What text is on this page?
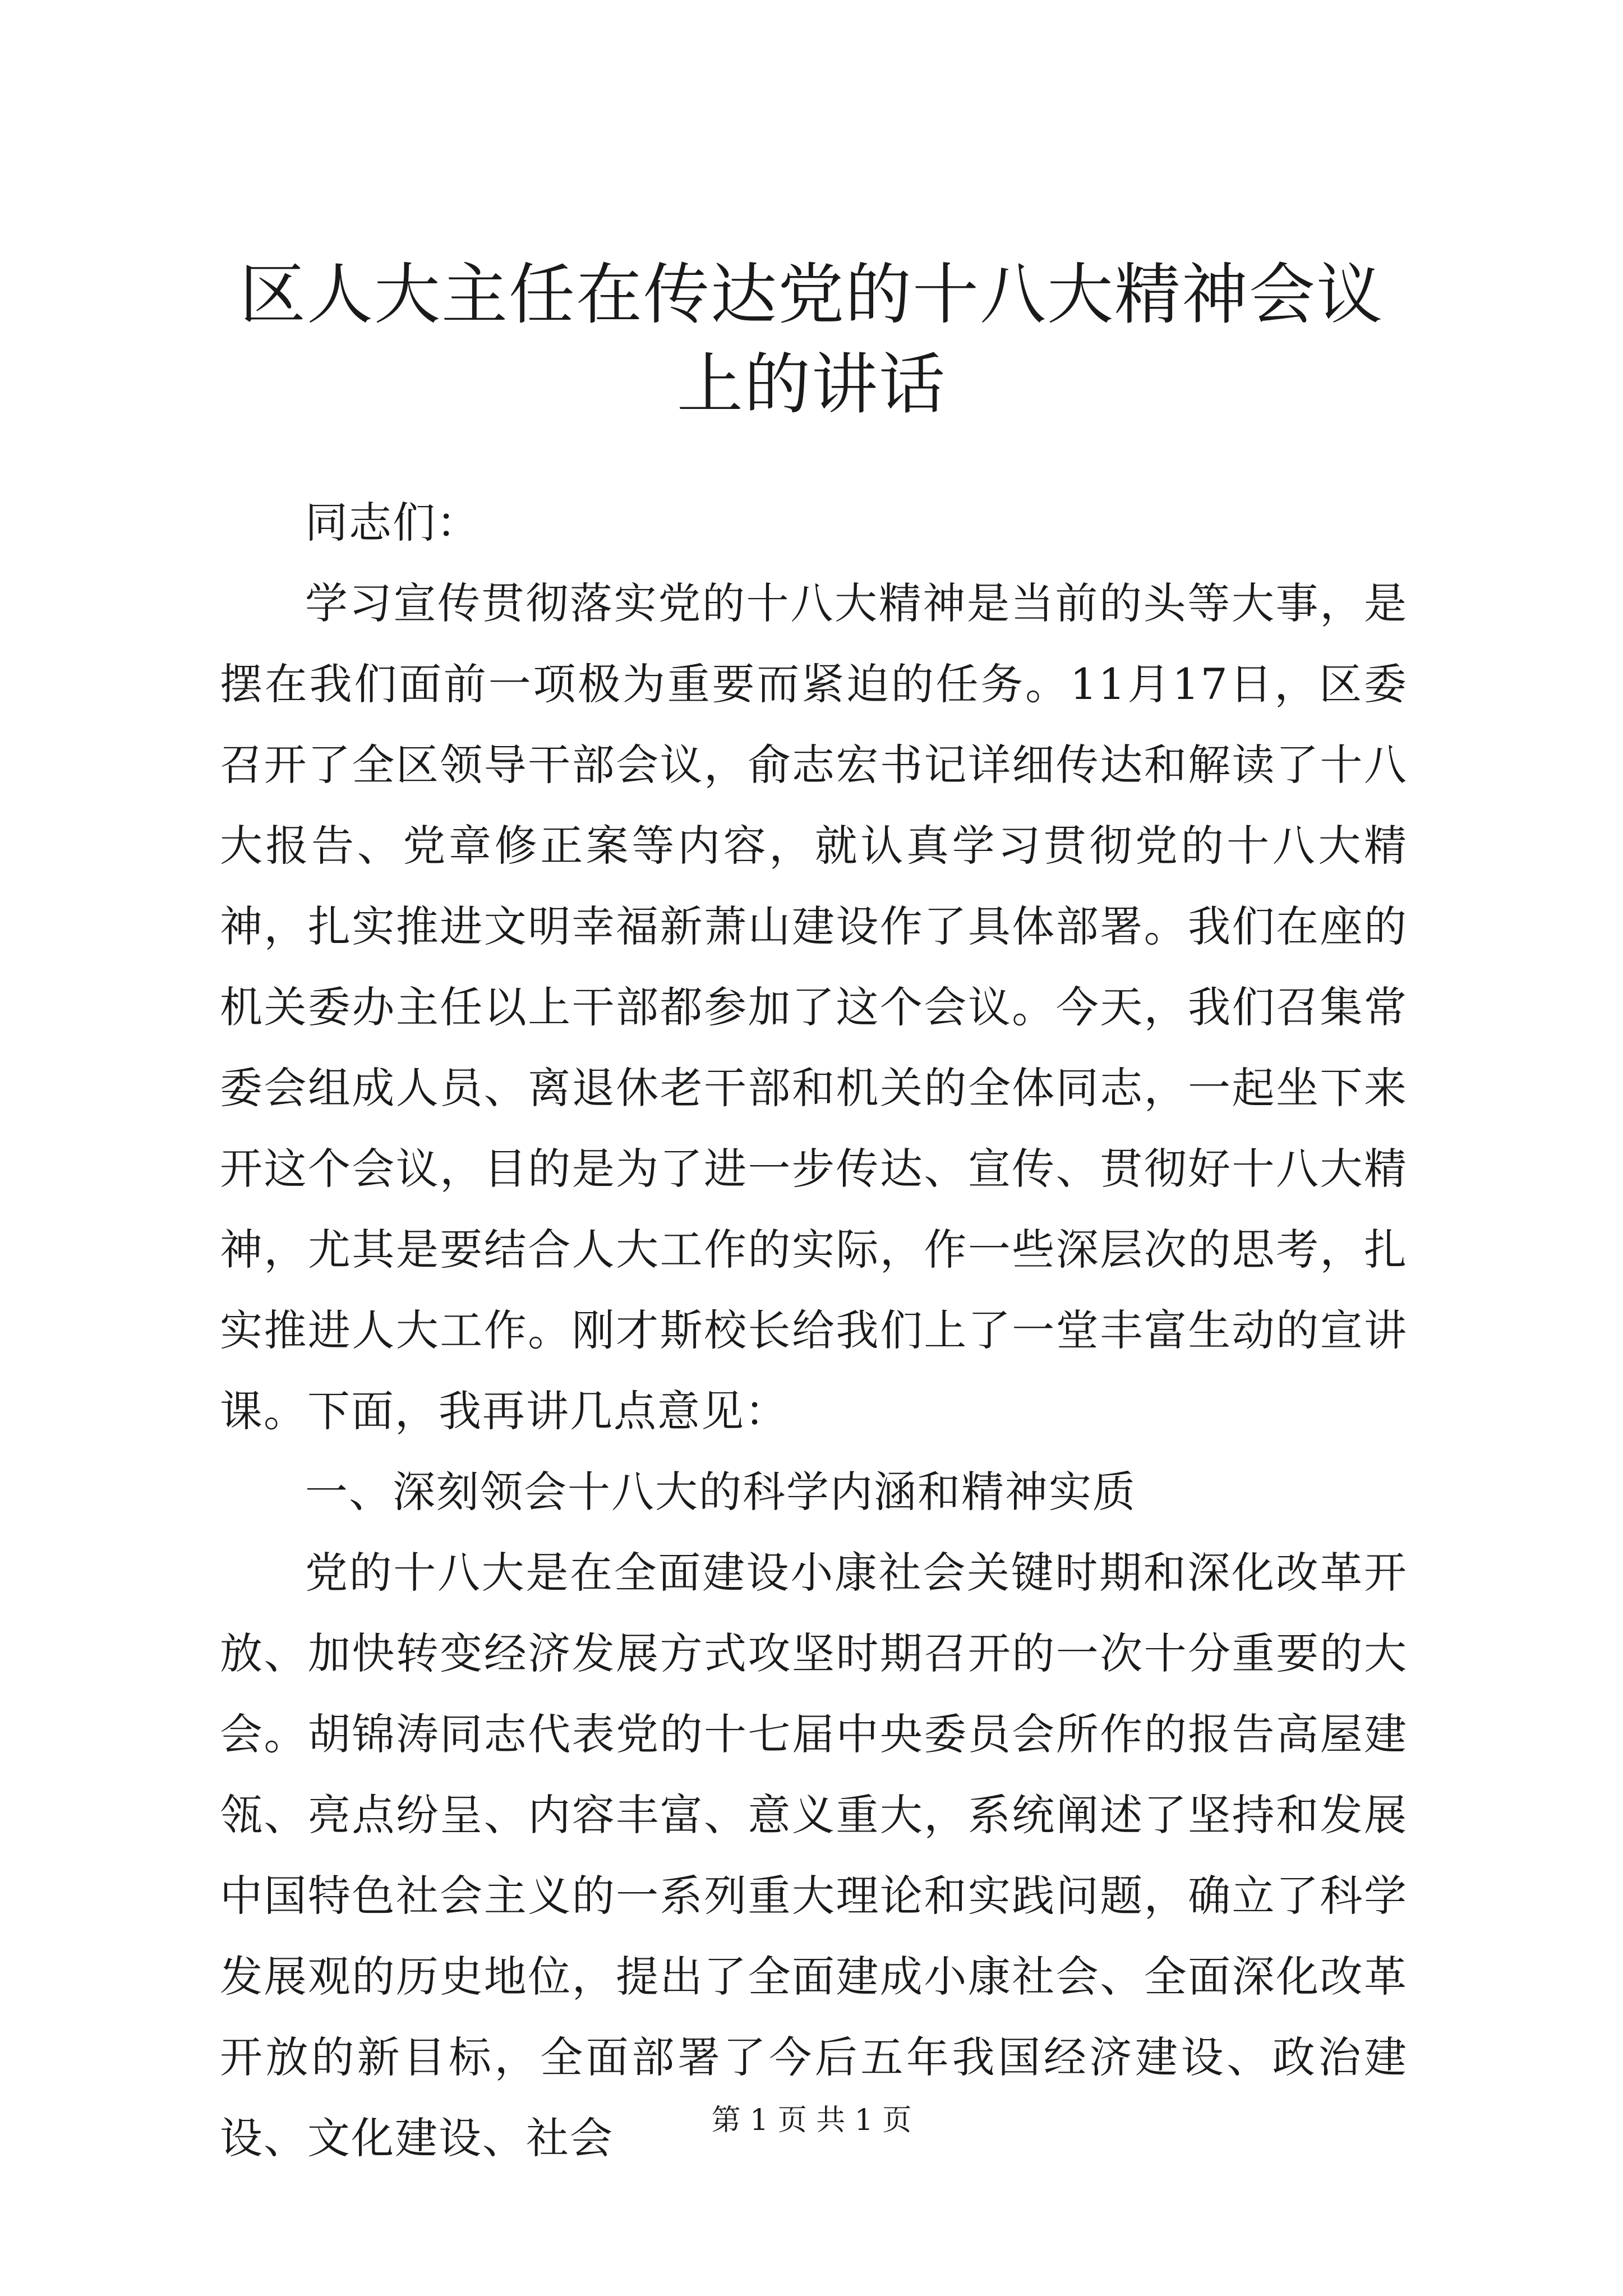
区人大主任在传达党的十八大精神会议上的讲话

同志们：

学习宣传贯彻落实党的十八大精神是当前的头等大事，是摆在我们面前一项极为重要而紧迫的任务。11月17日，区委召开了全区领导干部会议，俞志宏书记详细传达和解读了十八大报告、党章修正案等内容，就认真学习贯彻党的十八大精神，扎实推进文明幸福新萧山建设作了具体部署。我们在座的机关委办主任以上干部都参加了这个会议。今天，我们召集常委会组成人员、离退休老干部和机关的全体同志，一起坐下来开这个会议，目的是为了进一步传达、宣传、贯彻好十八大精神，尤其是要结合人大工作的实际，作一些深层次的思考，扎实推进人大工作。刚才斯校长给我们上了一堂丰富生动的宣讲课。下面，我再讲几点意见：

一、深刻领会十八大的科学内涵和精神实质

党的十八大是在全面建设小康社会关键时期和深化改革开放、加快转变经济发展方式攻坚时期召开的一次十分重要的大会。胡锦涛同志代表党的十七届中央委员会所作的报告高屋建瓴、亮点纷呈、内容丰富、意义重大，系统阐述了坚持和发展中国特色社会主义的一系列重大理论和实践问题，确立了科学发展观的历史地位，提出了全面建成小康社会、全面深化改革开放的新目标，全面部署了今后五年我国经济建设、政治建设、文化建设、社会	第 1 页 共 1 页
